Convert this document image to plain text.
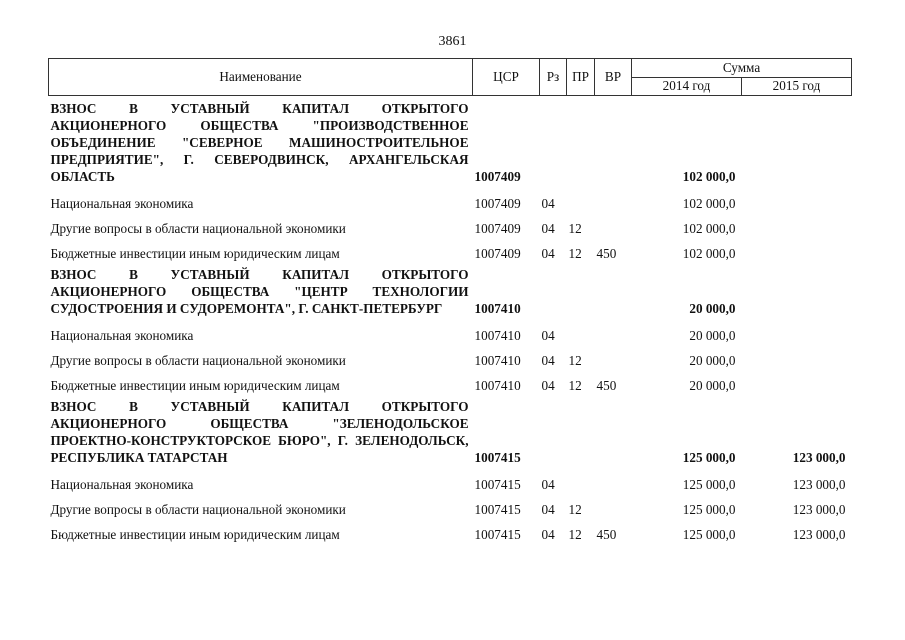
3861
Наименование	ЦСР	Рз	ПР	ВР	Сумма	
					2014 год	2015 год
ВЗНОС В УСТАВНЫЙ КАПИТАЛ ОТКРЫТОГО АКЦИОНЕРНОГО ОБЩЕСТВА "ПРОИЗВОДСТВЕННОЕ ОБЪЕДИНЕНИЕ "СЕВЕРНОЕ МАШИНОСТРОИТЕЛЬНОЕ ПРЕДПРИЯТИЕ", Г. СЕВЕРОДВИНСК, АРХАНГЕЛЬСКАЯ ОБЛАСТЬ	1007409				102 000,0	
Национальная экономика	1007409	04			102 000,0	
Другие вопросы в области национальной экономики	1007409	04	12		102 000,0	
Бюджетные инвестиции иным юридическим лицам	1007409	04	12	450	102 000,0	
ВЗНОС В УСТАВНЫЙ КАПИТАЛ ОТКРЫТОГО АКЦИОНЕРНОГО ОБЩЕСТВА "ЦЕНТР ТЕХНОЛОГИИ СУДОСТРОЕНИЯ И СУДОРЕМОНТА", Г. САНКТ-ПЕТЕРБУРГ	1007410				20 000,0	
Национальная экономика	1007410	04			20 000,0	
Другие вопросы в области национальной экономики	1007410	04	12		20 000,0	
Бюджетные инвестиции иным юридическим лицам	1007410	04	12	450	20 000,0	
ВЗНОС В УСТАВНЫЙ КАПИТАЛ ОТКРЫТОГО АКЦИОНЕРНОГО ОБЩЕСТВА "ЗЕЛЕНОДОЛЬСКОЕ ПРОЕКТНО-КОНСТРУКТОРСКОЕ БЮРО", Г. ЗЕЛЕНОДОЛЬСК, РЕСПУБЛИКА ТАТАРСТАН	1007415				125 000,0	123 000,0
Национальная экономика	1007415	04			125 000,0	123 000,0
Другие вопросы в области национальной экономики	1007415	04	12		125 000,0	123 000,0
Бюджетные инвестиции иным юридическим лицам	1007415	04	12	450	125 000,0	123 000,0
